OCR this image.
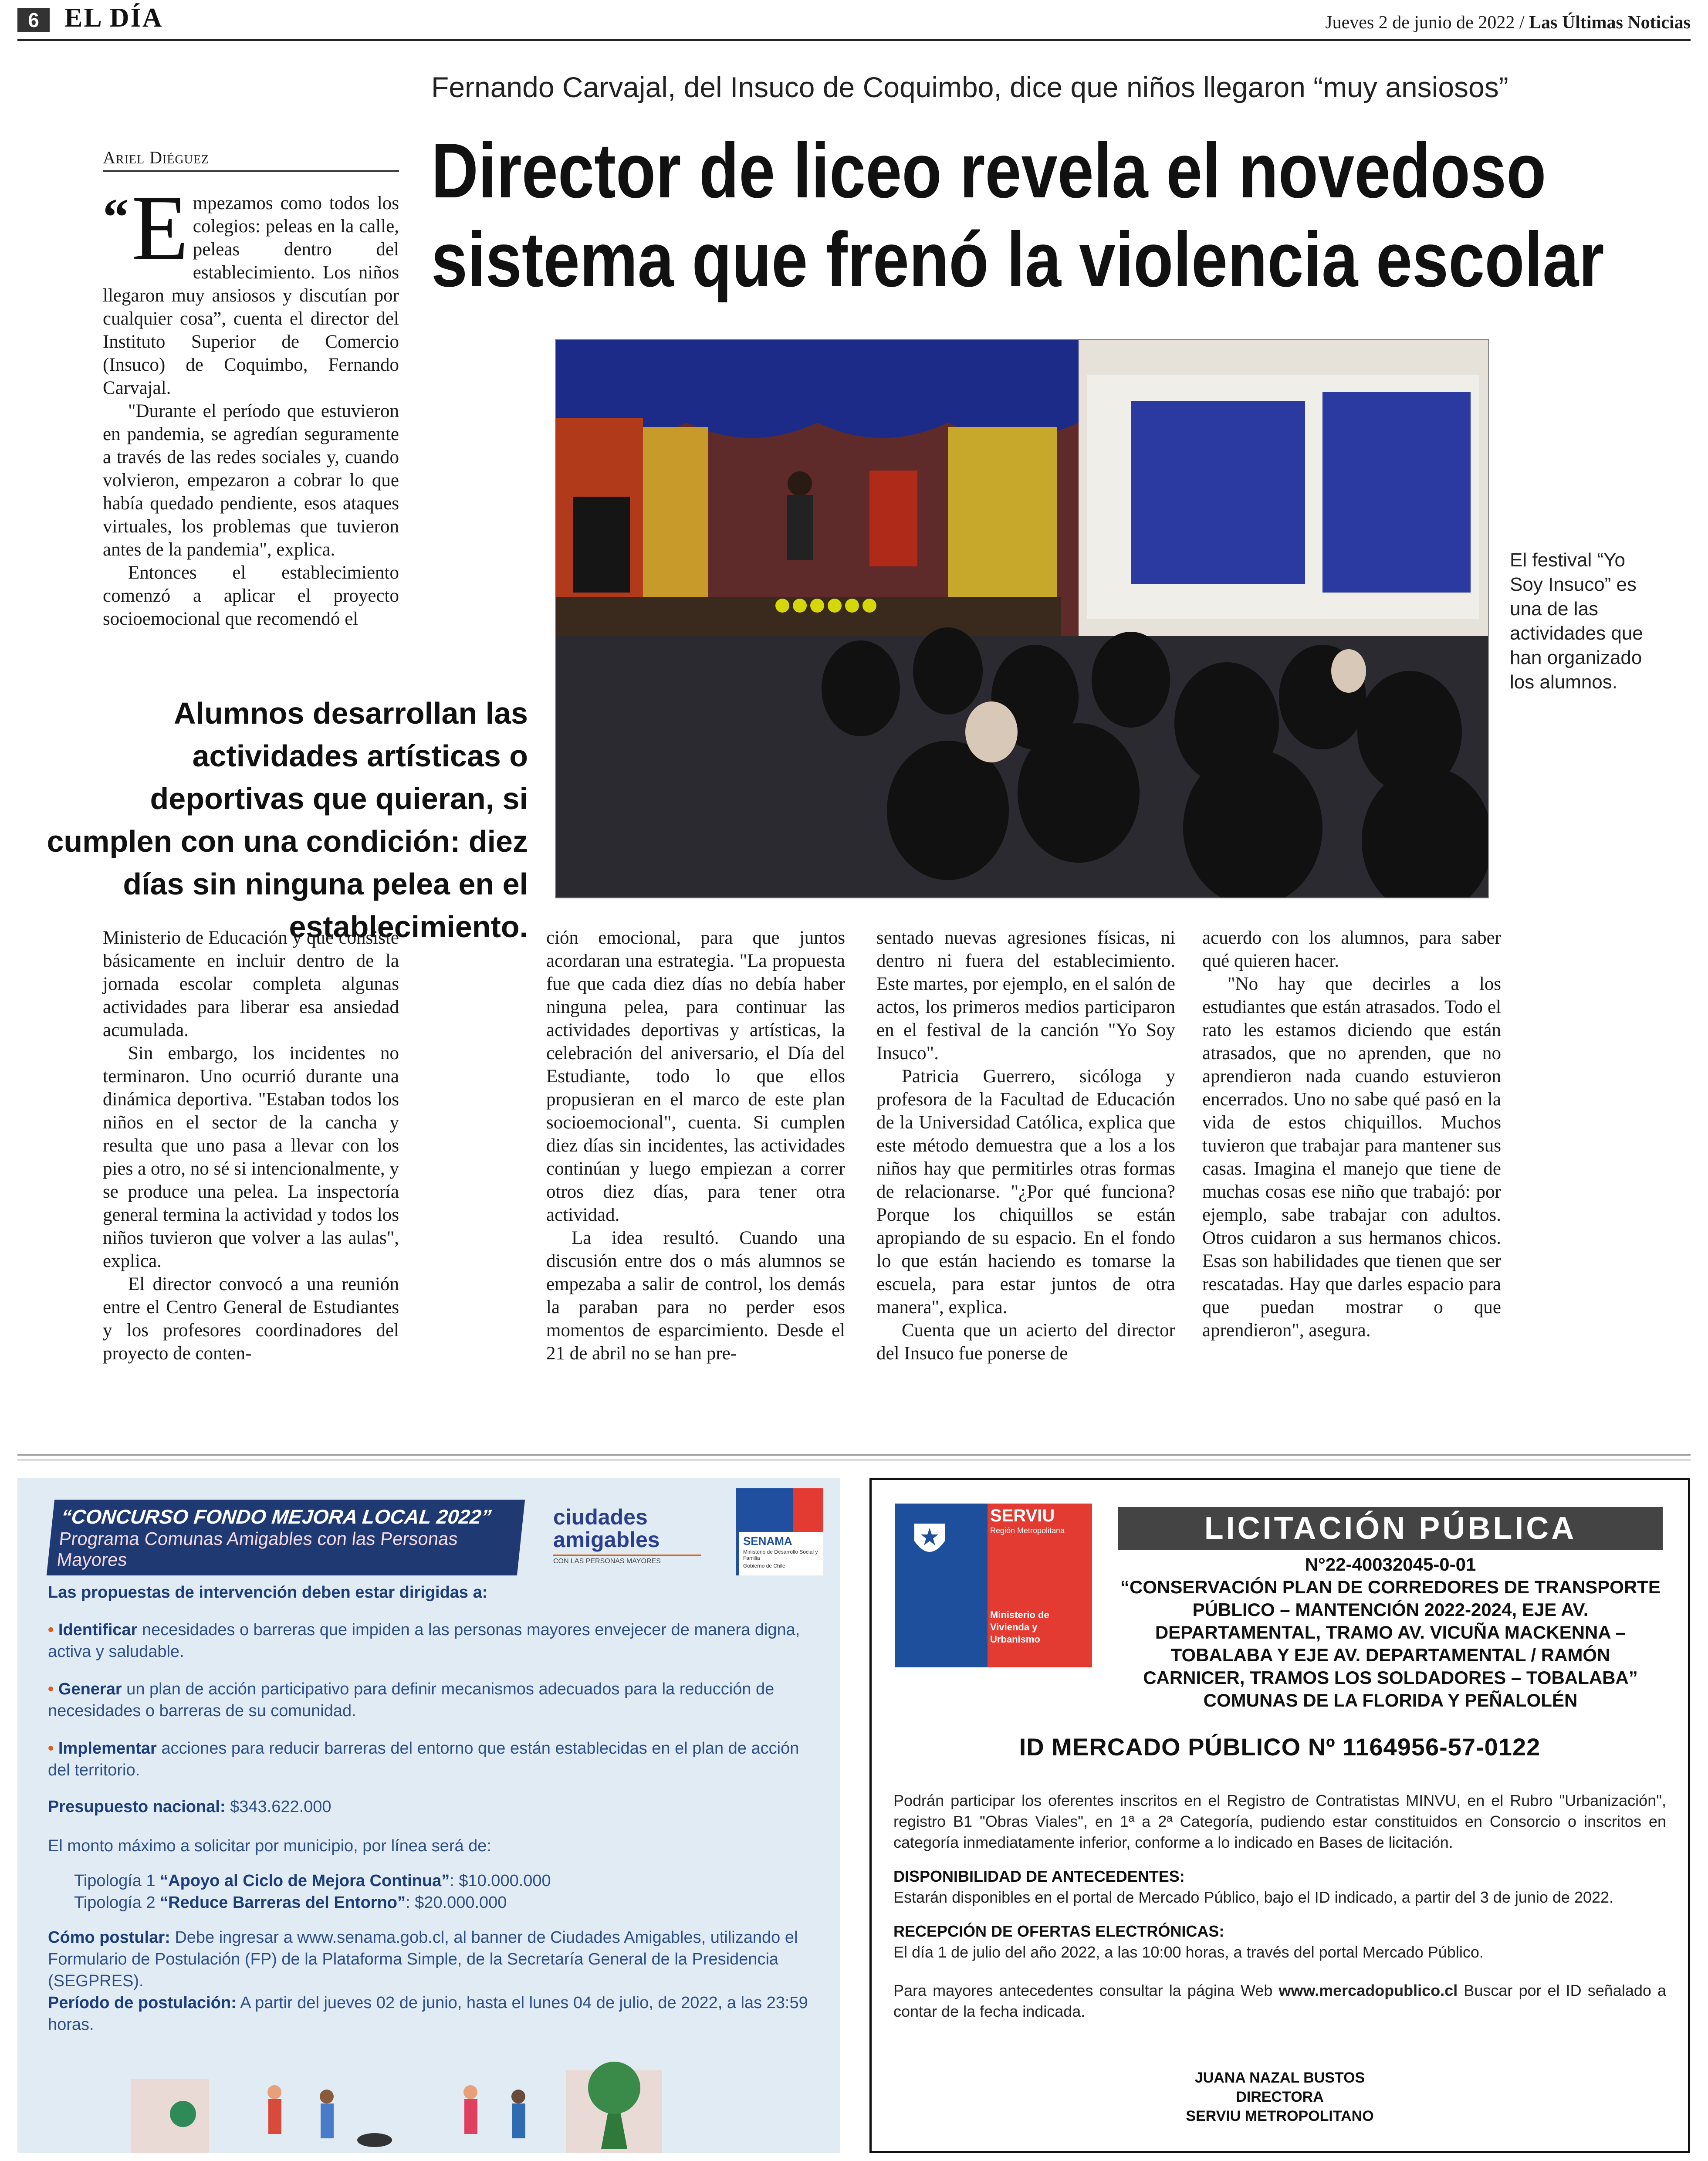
6 EL DÍA	Jueves 2 de junio de 2022 / Las Últimas Noticias
Fernando Carvajal, del Insuco de Coquimbo, dice que niños llegaron “muy ansiosos”
Director de liceo revela el novedoso
sistema que frenó la violencia escolar
Ariel Diéguez
“ E mpezamos como todos los colegios: peleas en la calle, peleas dentro del establecimiento. Los niños llegaron muy ansiosos y discutían por cualquier cosa”, cuenta el director del Instituto Superior de Comercio (Insuco) de Coquimbo, Fernando Carvajal.

"Durante el período que estuvieron en pandemia, se agredían seguramente a través de las redes sociales y, cuando volvieron, empezaron a cobrar lo que había quedado pendiente, esos ataques virtuales, los problemas que tuvieron antes de la pandemia", explica.

Entonces el establecimiento comenzó a aplicar el proyecto socioemocional que recomendó el

Alumnos desarrollan las actividades artísticas o deportivas que quieran, si cumplen con una condición: diez días sin ninguna pelea en el establecimiento.
El festival “Yo Soy Insuco” es una de las actividades que han organizado los alumnos.

Ministerio de Educación y que consiste básicamente en incluir dentro de la jornada escolar completa algunas actividades para liberar esa ansiedad acumulada.

Sin embargo, los incidentes no terminaron. Uno ocurrió durante una dinámica deportiva. "Estaban todos los niños en el sector de la cancha y resulta que uno pasa a llevar con los pies a otro, no sé si intencionalmente, y se produce una pelea. La inspectoría general termina la actividad y todos los niños tuvieron que volver a las aulas", explica.

El director convocó a una reunión entre el Centro General de Estudiantes y los profesores coordinadores del proyecto de conten-

ción emocional, para que juntos acordaran una estrategia. "La propuesta fue que cada diez días no debía haber ninguna pelea, para continuar las actividades deportivas y artísticas, la celebración del aniversario, el Día del Estudiante, todo lo que ellos propusieran en el marco de este plan socioemocional", cuenta. Si cumplen diez días sin incidentes, las actividades continúan y luego empiezan a correr otros diez días, para tener otra actividad.

La idea resultó. Cuando una discusión entre dos o más alumnos se empezaba a salir de control, los demás la paraban para no perder esos momentos de esparcimiento. Desde el 21 de abril no se han pre-

sentado nuevas agresiones físicas, ni dentro ni fuera del establecimiento. Este martes, por ejemplo, en el salón de actos, los primeros medios participaron en el festival de la canción "Yo Soy Insuco".

Patricia Guerrero, sicóloga y profesora de la Facultad de Educación de la Universidad Católica, explica que este método demuestra que a los a los niños hay que permitirles otras formas de relacionarse. "¿Por qué funciona? Porque los chiquillos se están apropiando de su espacio. En el fondo lo que están haciendo es tomarse la escuela, para estar juntos de otra manera", explica.

Cuenta que un acierto del director del Insuco fue ponerse de

acuerdo con los alumnos, para saber qué quieren hacer.

"No hay que decirles a los estudiantes que están atrasados. Todo el rato les estamos diciendo que están atrasados, que no aprenden, que no aprendieron nada cuando estuvieron encerrados. Uno no sabe qué pasó en la vida de estos chiquillos. Muchos tuvieron que trabajar para mantener sus casas. Imagina el manejo que tiene de muchas cosas ese niño que trabajó: por ejemplo, sabe trabajar con adultos. Otros cuidaron a sus hermanos chicos. Esas son habilidades que tienen que ser rescatadas. Hay que darles espacio para que puedan mostrar o que aprendieron", asegura.

“CONCURSO FONDO MEJORA LOCAL 2022”
Programa Comunas Amigables con las Personas Mayores
ciudades amigables
CON LAS PERSONAS MAYORES
SENAMA
Ministerio de Desarrollo Social y Familia
Gobierno de Chile

Las propuestas de intervención deben estar dirigidas a:

• Identificar necesidades o barreras que impiden a las personas mayores envejecer de manera digna, activa y saludable.

• Generar un plan de acción participativo para definir mecanismos adecuados para la reducción de necesidades o barreras de su comunidad.

• Implementar acciones para reducir barreras del entorno que están establecidas en el plan de acción del territorio.

Presupuesto nacional: $343.622.000

El monto máximo a solicitar por municipio, por línea será de:

Tipología 1 “Apoyo al Ciclo de Mejora Continua”: $10.000.000

Tipología 2 “Reduce Barreras del Entorno”: $20.000.000

Cómo postular: Debe ingresar a www.senama.gob.cl, al banner de Ciudades Amigables, utilizando el Formulario de Postulación (FP) de la Plataforma Simple, de la Secretaría General de la Presidencia (SEGPRES).

Período de postulación: A partir del jueves 02 de junio, hasta el lunes 04 de julio, de 2022, a las 23:59 horas.

SERVIU
Región Metropolitana
Ministerio de Vivienda y Urbanismo
LICITACIÓN PÚBLICA
N°22-40032045-0-01
“CONSERVACIÓN PLAN DE CORREDORES DE TRANSPORTE PÚBLICO – MANTENCIÓN 2022-2024, EJE AV. DEPARTAMENTAL, TRAMO AV. VICUÑA MACKENNA –TOBALABA Y EJE AV. DEPARTAMENTAL / RAMÓN CARNICER, TRAMOS LOS SOLDADORES – TOBALABA”
COMUNAS DE LA FLORIDA Y PEÑALOLÉN
ID MERCADO PÚBLICO Nº 1164956-57-0122

Podrán participar los oferentes inscritos en el Registro de Contratistas MINVU, en el Rubro "Urbanización", registro B1 "Obras Viales", en 1ª a 2ª Categoría, pudiendo estar constituidos en Consorcio o inscritos en categoría inmediatamente inferior, conforme a lo indicado en Bases de licitación.

DISPONIBILIDAD DE ANTECEDENTES:

Estarán disponibles en el portal de Mercado Público, bajo el ID indicado, a partir del 3 de junio de 2022.

RECEPCIÓN DE OFERTAS ELECTRÓNICAS:

El día 1 de julio del año 2022, a las 10:00 horas, a través del portal Mercado Público.

Para mayores antecedentes consultar la página Web www.mercadopublico.cl Buscar por el ID señalado a contar de la fecha indicada.

JUANA NAZAL BUSTOS
DIRECTORA
SERVIU METROPOLITANO
